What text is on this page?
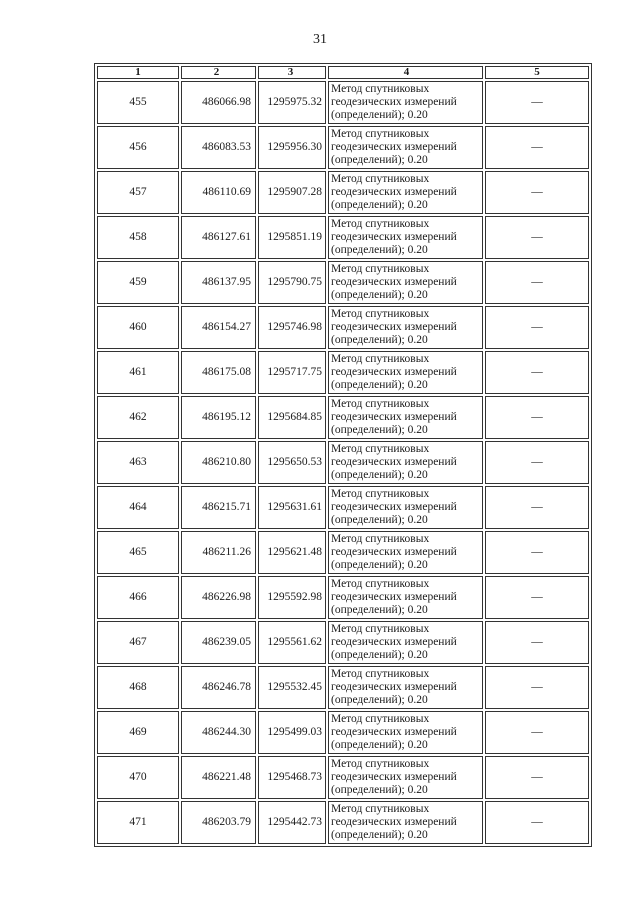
31
1	2	3	4	5
455	486066.98	1295975.32	Метод спутниковых
геодезических измерений
(определений); 0.20	—
456	486083.53	1295956.30	Метод спутниковых
геодезических измерений
(определений); 0.20	—
457	486110.69	1295907.28	Метод спутниковых
геодезических измерений
(определений); 0.20	—
458	486127.61	1295851.19	Метод спутниковых
геодезических измерений
(определений); 0.20	—
459	486137.95	1295790.75	Метод спутниковых
геодезических измерений
(определений); 0.20	—
460	486154.27	1295746.98	Метод спутниковых
геодезических измерений
(определений); 0.20	—
461	486175.08	1295717.75	Метод спутниковых
геодезических измерений
(определений); 0.20	—
462	486195.12	1295684.85	Метод спутниковых
геодезических измерений
(определений); 0.20	—
463	486210.80	1295650.53	Метод спутниковых
геодезических измерений
(определений); 0.20	—
464	486215.71	1295631.61	Метод спутниковых
геодезических измерений
(определений); 0.20	—
465	486211.26	1295621.48	Метод спутниковых
геодезических измерений
(определений); 0.20	—
466	486226.98	1295592.98	Метод спутниковых
геодезических измерений
(определений); 0.20	—
467	486239.05	1295561.62	Метод спутниковых
геодезических измерений
(определений); 0.20	—
468	486246.78	1295532.45	Метод спутниковых
геодезических измерений
(определений); 0.20	—
469	486244.30	1295499.03	Метод спутниковых
геодезических измерений
(определений); 0.20	—
470	486221.48	1295468.73	Метод спутниковых
геодезических измерений
(определений); 0.20	—
471	486203.79	1295442.73	Метод спутниковых
геодезических измерений
(определений); 0.20	—
